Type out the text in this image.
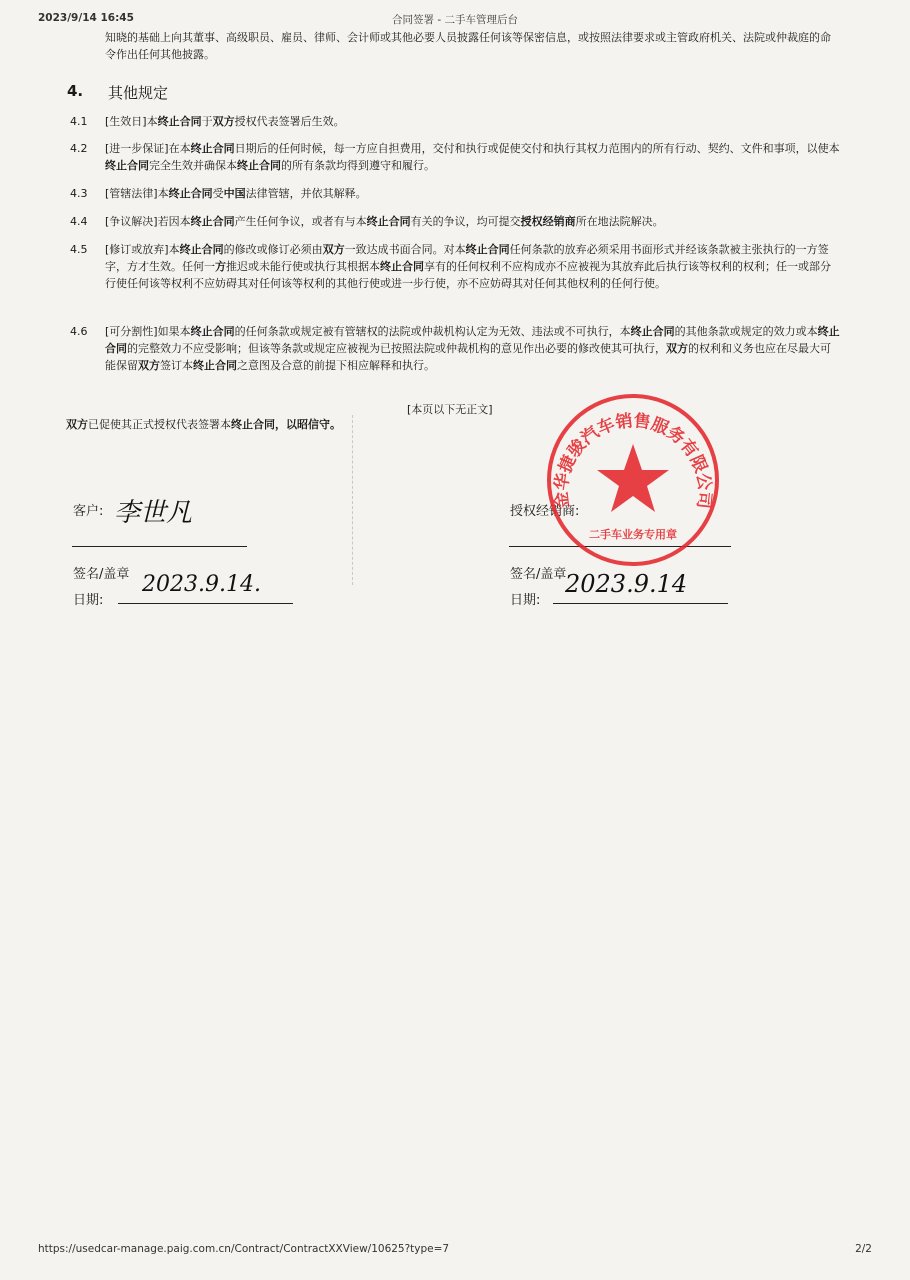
2023/9/14 16:45	合同签署 - 二手车管理后台
知晓的基础上向其董事、高级职员、雇员、律师、会计师或其他必要人员披露任何该等保密信息，或按照法律要求或主管政府机关、法院或仲裁庭的命令作出任何其他披露。
4. 其他规定
4.1	[生效日]本终止合同于双方授权代表签署后生效。
4.2	[进一步保证]在本终止合同日期后的任何时候，每一方应自担费用，交付和执行或促使交付和执行其权力范围内的所有行动、契约、文件和事项，以使本终止合同完全生效并确保本终止合同的所有条款均得到遵守和履行。
4.3	[管辖法律]本终止合同受中国法律管辖，并依其解释。
4.4	[争议解决]若因本终止合同产生任何争议，或者有与本终止合同有关的争议，均可提交授权经销商所在地法院解决。
4.5	[修订或放弃]本终止合同的修改或修订必须由双方一致达成书面合同。对本终止合同任何条款的放弃必须采用书面形式并经该条款被主张执行的一方签字，方才生效。任何一方推迟或未能行使或执行其根据本终止合同享有的任何权利不应构成亦不应被视为其放弃此后执行该等权利的权利；任一或部分行使任何该等权利不应妨碍其对任何该等权利的其他行使或进一步行使，亦不应妨碍其对任何其他权利的任何行使。
4.6	[可分割性]如果本终止合同的任何条款或规定被有管辖权的法院或仲裁机构认定为无效、违法或不可执行，本终止合同的其他条款或规定的效力或本终止合同的完整效力不应受影响；但该等条款或规定应被视为已按照法院或仲裁机构的意见作出必要的修改使其可执行，双方的权利和义务也应在尽最大可能保留双方签订本终止合同之意图及合意的前提下相应解释和执行。
[本页以下无正文]
双方已促使其正式授权代表签署本终止合同，以昭信守。
客户: 李世凡
签名/盖章
日期:
2023.9.14.
授权经销商:
签名/盖章
日期:
2023.9.14
金华捷骏汽车销售服务有限公司
二手车业务专用章
https://usedcar-manage.paig.com.cn/Contract/ContractXXView/10625?type=7	2/2
